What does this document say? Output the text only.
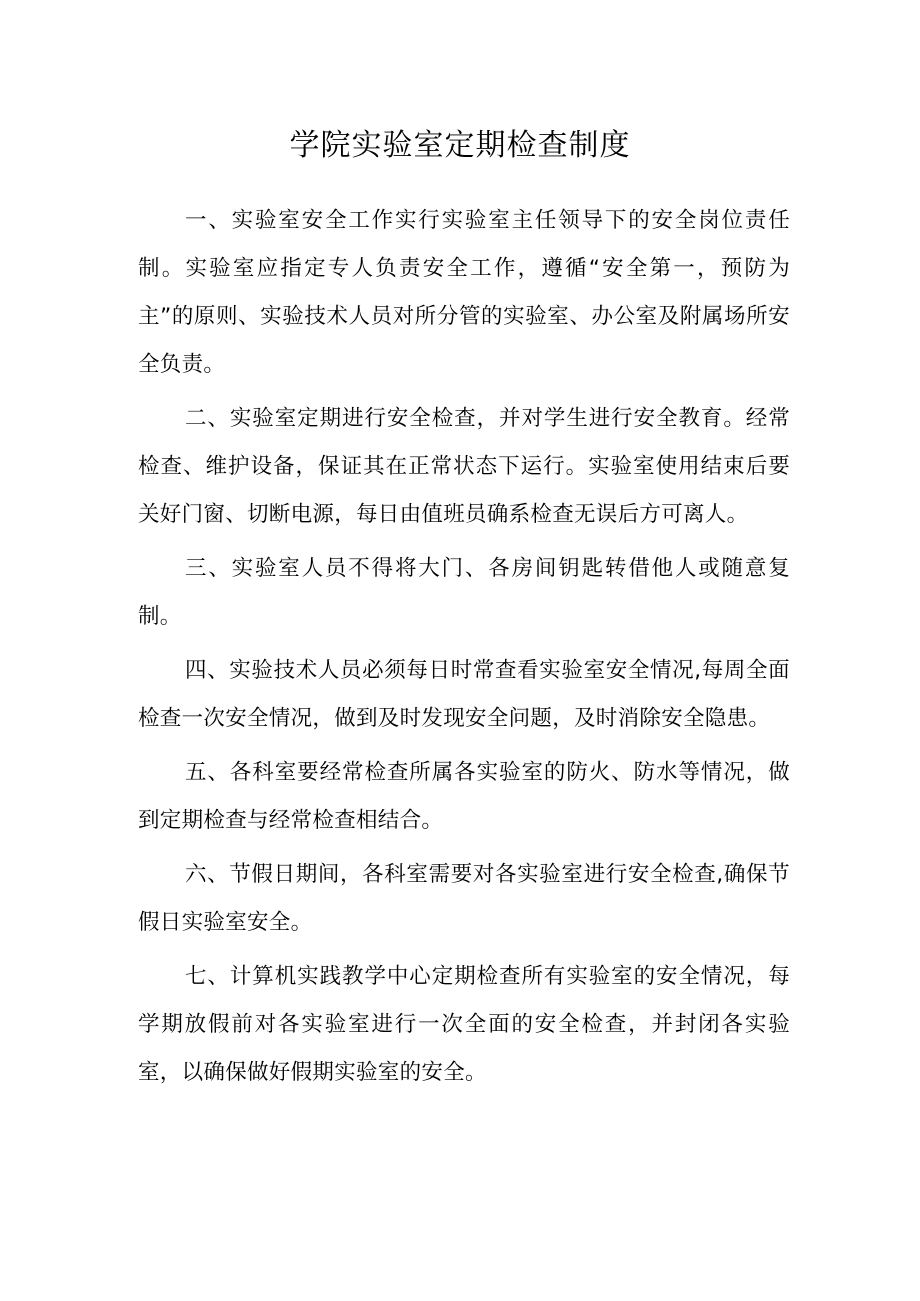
学院实验室定期检查制度

一、实验室安全工作实行实验室主任领导下的安全岗位责任制。实验室应指定专人负责安全工作，遵循“安全第一，预防为主”的原则、实验技术人员对所分管的实验室、办公室及附属场所安全负责。

二、实验室定期进行安全检查，并对学生进行安全教育。经常检查、维护设备，保证其在正常状态下运行。实验室使用结束后要关好门窗、切断电源，每日由值班员确系检查无误后方可离人。

三、实验室人员不得将大门、各房间钥匙转借他人或随意复制。

四、实验技术人员必须每日时常查看实验室安全情况,每周全面检查一次安全情况，做到及时发现安全问题，及时消除安全隐患。

五、各科室要经常检查所属各实验室的防火、防水等情况，做到定期检查与经常检查相结合。

六、节假日期间，各科室需要对各实验室进行安全检查,确保节假日实验室安全。

七、计算机实践教学中心定期检查所有实验室的安全情况，每学期放假前对各实验室进行一次全面的安全检查，并封闭各实验室，以确保做好假期实验室的安全。
